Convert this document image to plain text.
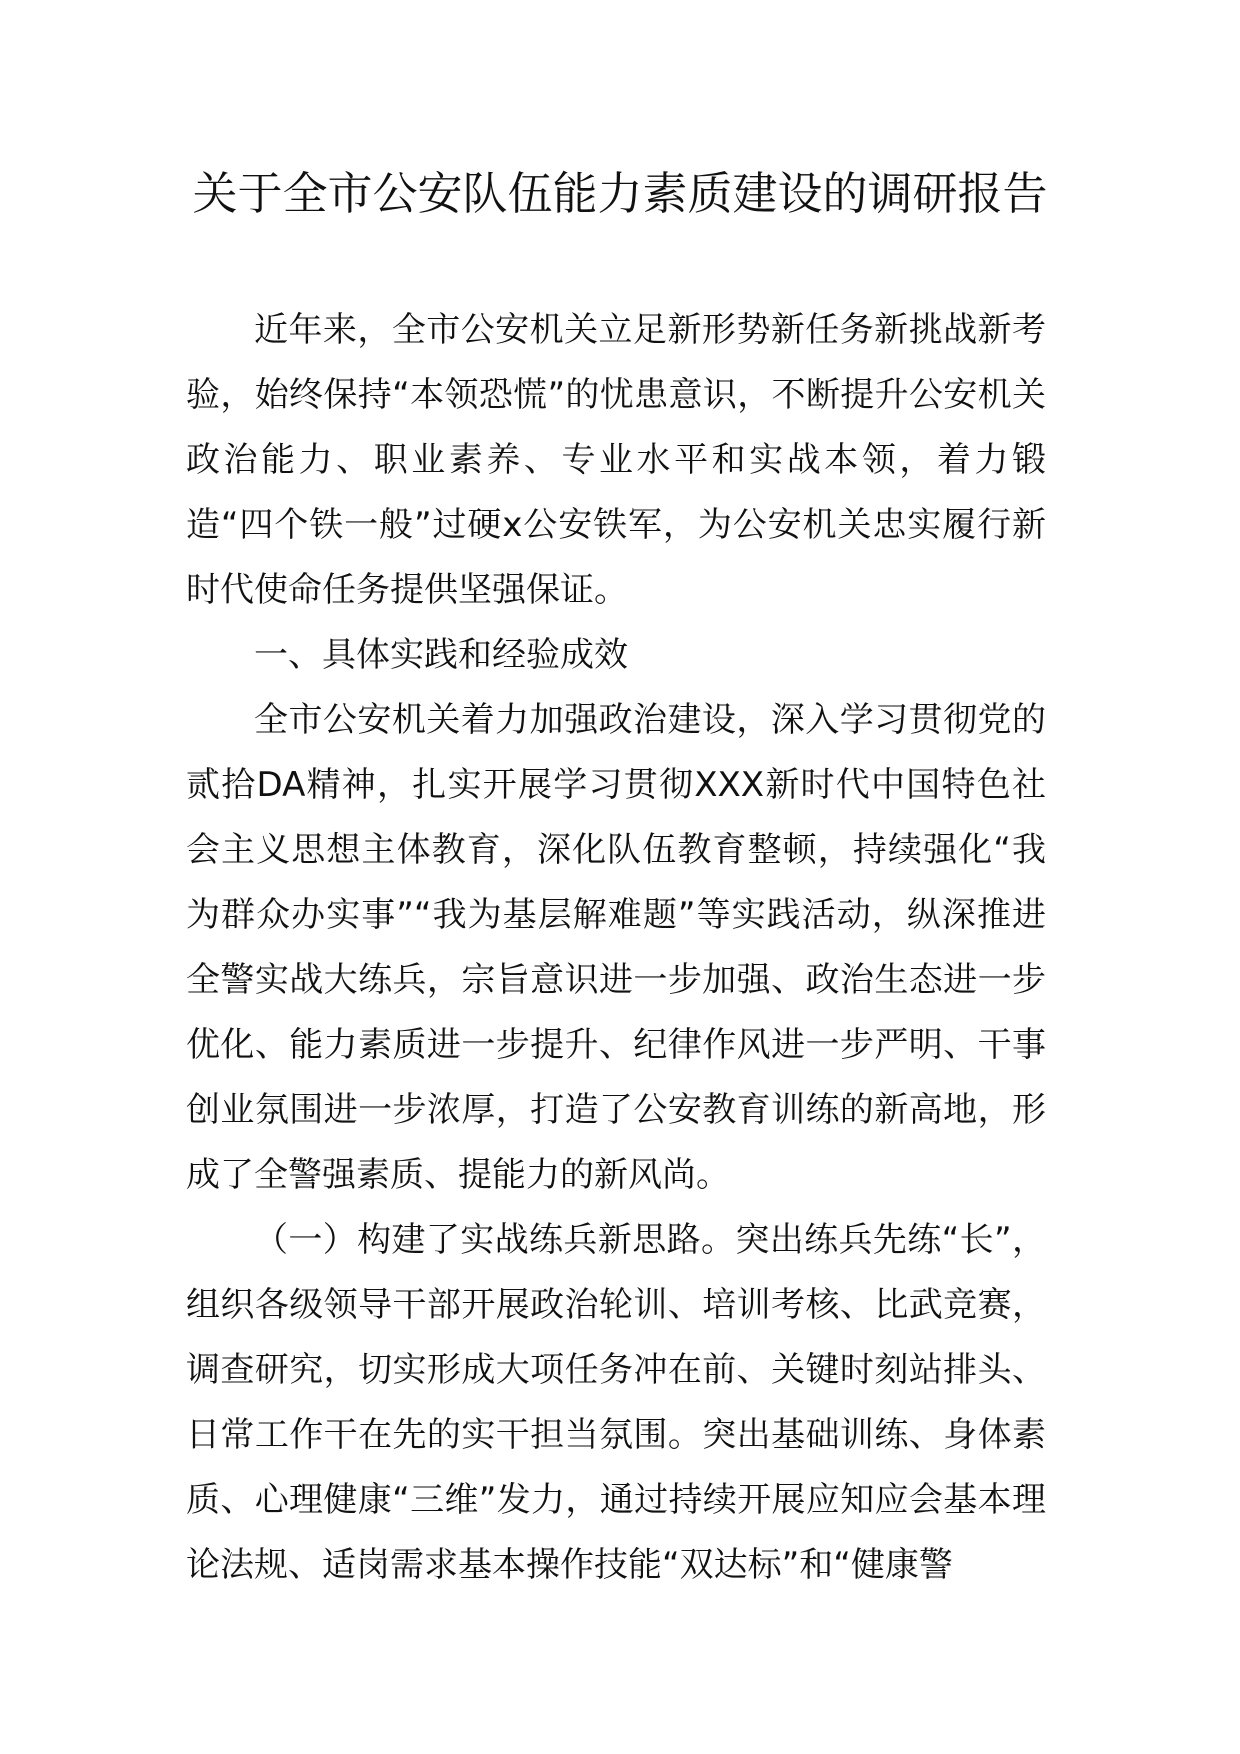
关于全市公安队伍能力素质建设的调研报告

近年来，全市公安机关立足新形势新任务新挑战新考验，始终保持“本领恐慌”的忧患意识，不断提升公安机关政治能力、职业素养、专业水平和实战本领，着力锻造“四个铁一般”过硬x公安铁军，为公安机关忠实履行新时代使命任务提供坚强保证。

一、具体实践和经验成效

全市公安机关着力加强政治建设，深入学习贯彻党的贰拾DA精神，扎实开展学习贯彻XXX新时代中国特色社会主义思想主体教育，深化队伍教育整顿，持续强化“我为群众办实事”“我为基层解难题”等实践活动，纵深推进全警实战大练兵，宗旨意识进一步加强、政治生态进一步优化、能力素质进一步提升、纪律作风进一步严明、干事创业氛围进一步浓厚，打造了公安教育训练的新高地，形成了全警强素质、提能力的新风尚。

（一）构建了实战练兵新思路。突出练兵先练“长”，组织各级领导干部开展政治轮训、培训考核、比武竞赛，调查研究，切实形成大项任务冲在前、关键时刻站排头、日常工作干在先的实干担当氛围。突出基础训练、身体素质、心理健康“三维”发力，通过持续开展应知应会基本理论法规、适岗需求基本操作技能“双达标”和“健康警
